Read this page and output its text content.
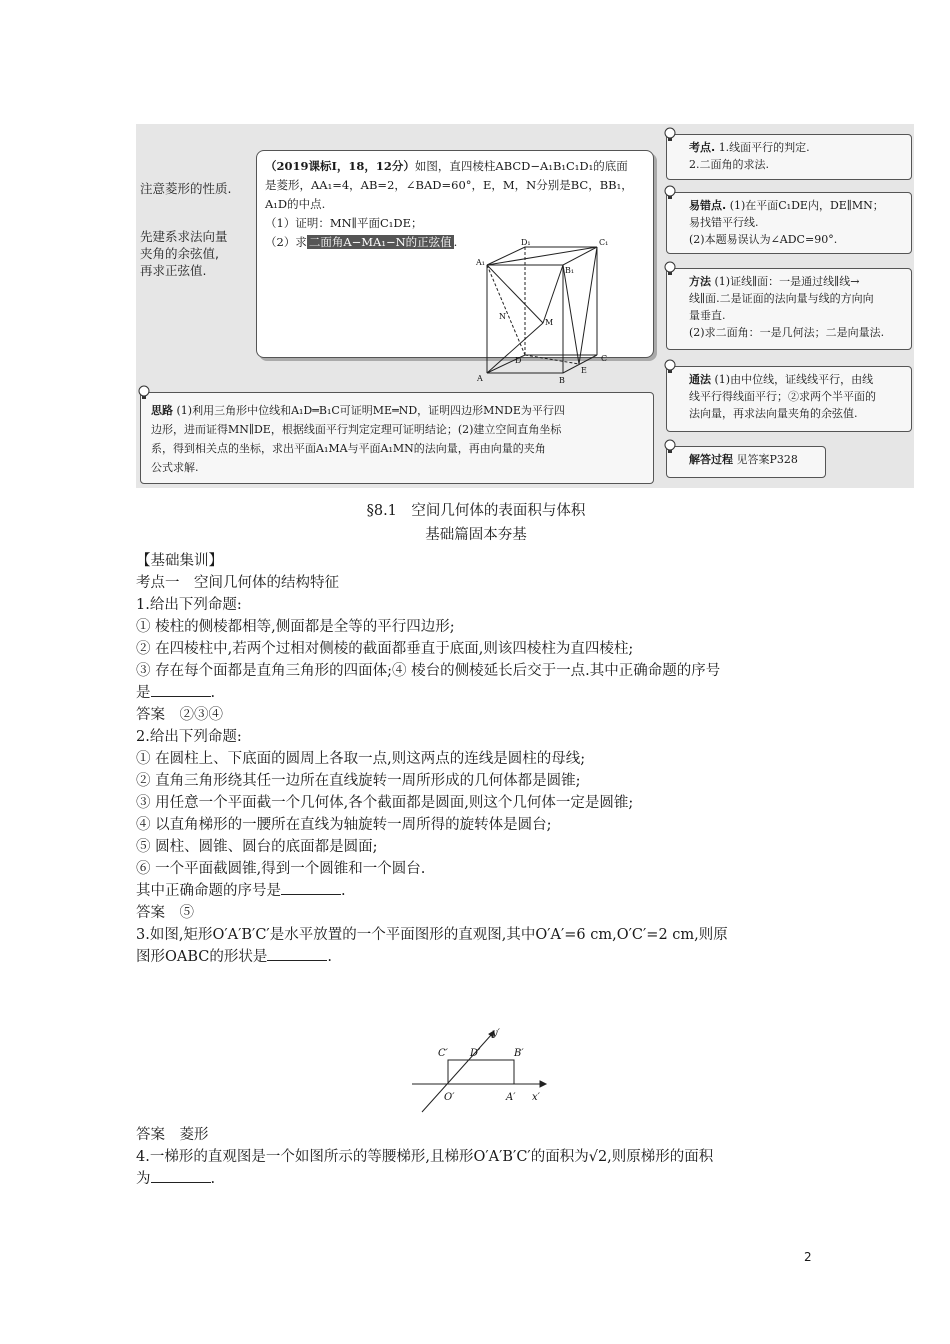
注意菱形的性质.
先建系求法向量
夹角的余弦值,
再求正弦值.

（2019课标Ⅰ，18，12分）如图，直四棱柱ABCD−A₁B₁C₁D₁的底面

是菱形，AA₁=4，AB=2，∠BAD=60°，E，M，N分别是BC，BB₁，

A₁D的中点.

（1）证明：MN∥平面C₁DE；

（2）求 二面角A−MA₁−N的正弦值 .	D₁	C₁
A₁
B₁
N
M
D	C
A	B
E
考点. 1.线面平行的判定.
2.二面角的求法.
易错点. (1)在平面C₁DE内，DE∥MN；
易找错平行线.
(2)本题易误认为∠ADC=90°.
方法 (1)证线∥面：一是通过线∥线→
线∥面.二是证面的法向量与线的方向向
量垂直.
(2)求二面角：一是几何法；二是向量法.
通法 (1)由中位线，证线线平行，由线
线平行得线面平行；②求两个半平面的
法向量，再求法向量夹角的余弦值.
解答过程 见答案P328
思路 (1)利用三角形中位线和A₁D═B₁C可证明ME═ND，证明四边形MNDE为平行四
边形，进而证得MN∥DE，根据线面平行判定定理可证明结论；(2)建立空间直角坐标
系，得到相关点的坐标，求出平面A₁MA与平面A₁MN的法向量，再由向量的夹角
公式求解.
§8.1　空间几何体的表面积与体积
基础篇固本夯基
【基础集训】
考点一　空间几何体的结构特征
1.给出下列命题:
① 棱柱的侧棱都相等,侧面都是全等的平行四边形;
② 在四棱柱中,若两个过相对侧棱的截面都垂直于底面,则该四棱柱为直四棱柱;
③ 存在每个面都是直角三角形的四面体;④ 棱台的侧棱延长后交于一点.其中正确命题的序号
是	.
答案　②③④
2.给出下列命题:
① 在圆柱上、下底面的圆周上各取一点,则这两点的连线是圆柱的母线;
② 直角三角形绕其任一边所在直线旋转一周所形成的几何体都是圆锥;
③ 用任意一个平面截一个几何体,各个截面都是圆面,则这个几何体一定是圆锥;
④ 以直角梯形的一腰所在直线为轴旋转一周所得的旋转体是圆台;
⑤ 圆柱、圆锥、圆台的底面都是圆面;
⑥ 一个平面截圆锥,得到一个圆锥和一个圆台.
其中正确命题的序号是	.
答案　⑤
3.如图,矩形O′A′B′C′是水平放置的一个平面图形的直观图,其中O′A′=6 cm,O′C′=2 cm,则原
图形OABC的形状是	.
y′
C′ D′	B′
O′	A′ x′
答案　菱形
4.一梯形的直观图是一个如图所示的等腰梯形,且梯形O′A′B′C′的面积为√2,则原梯形的面积
为	.
2
